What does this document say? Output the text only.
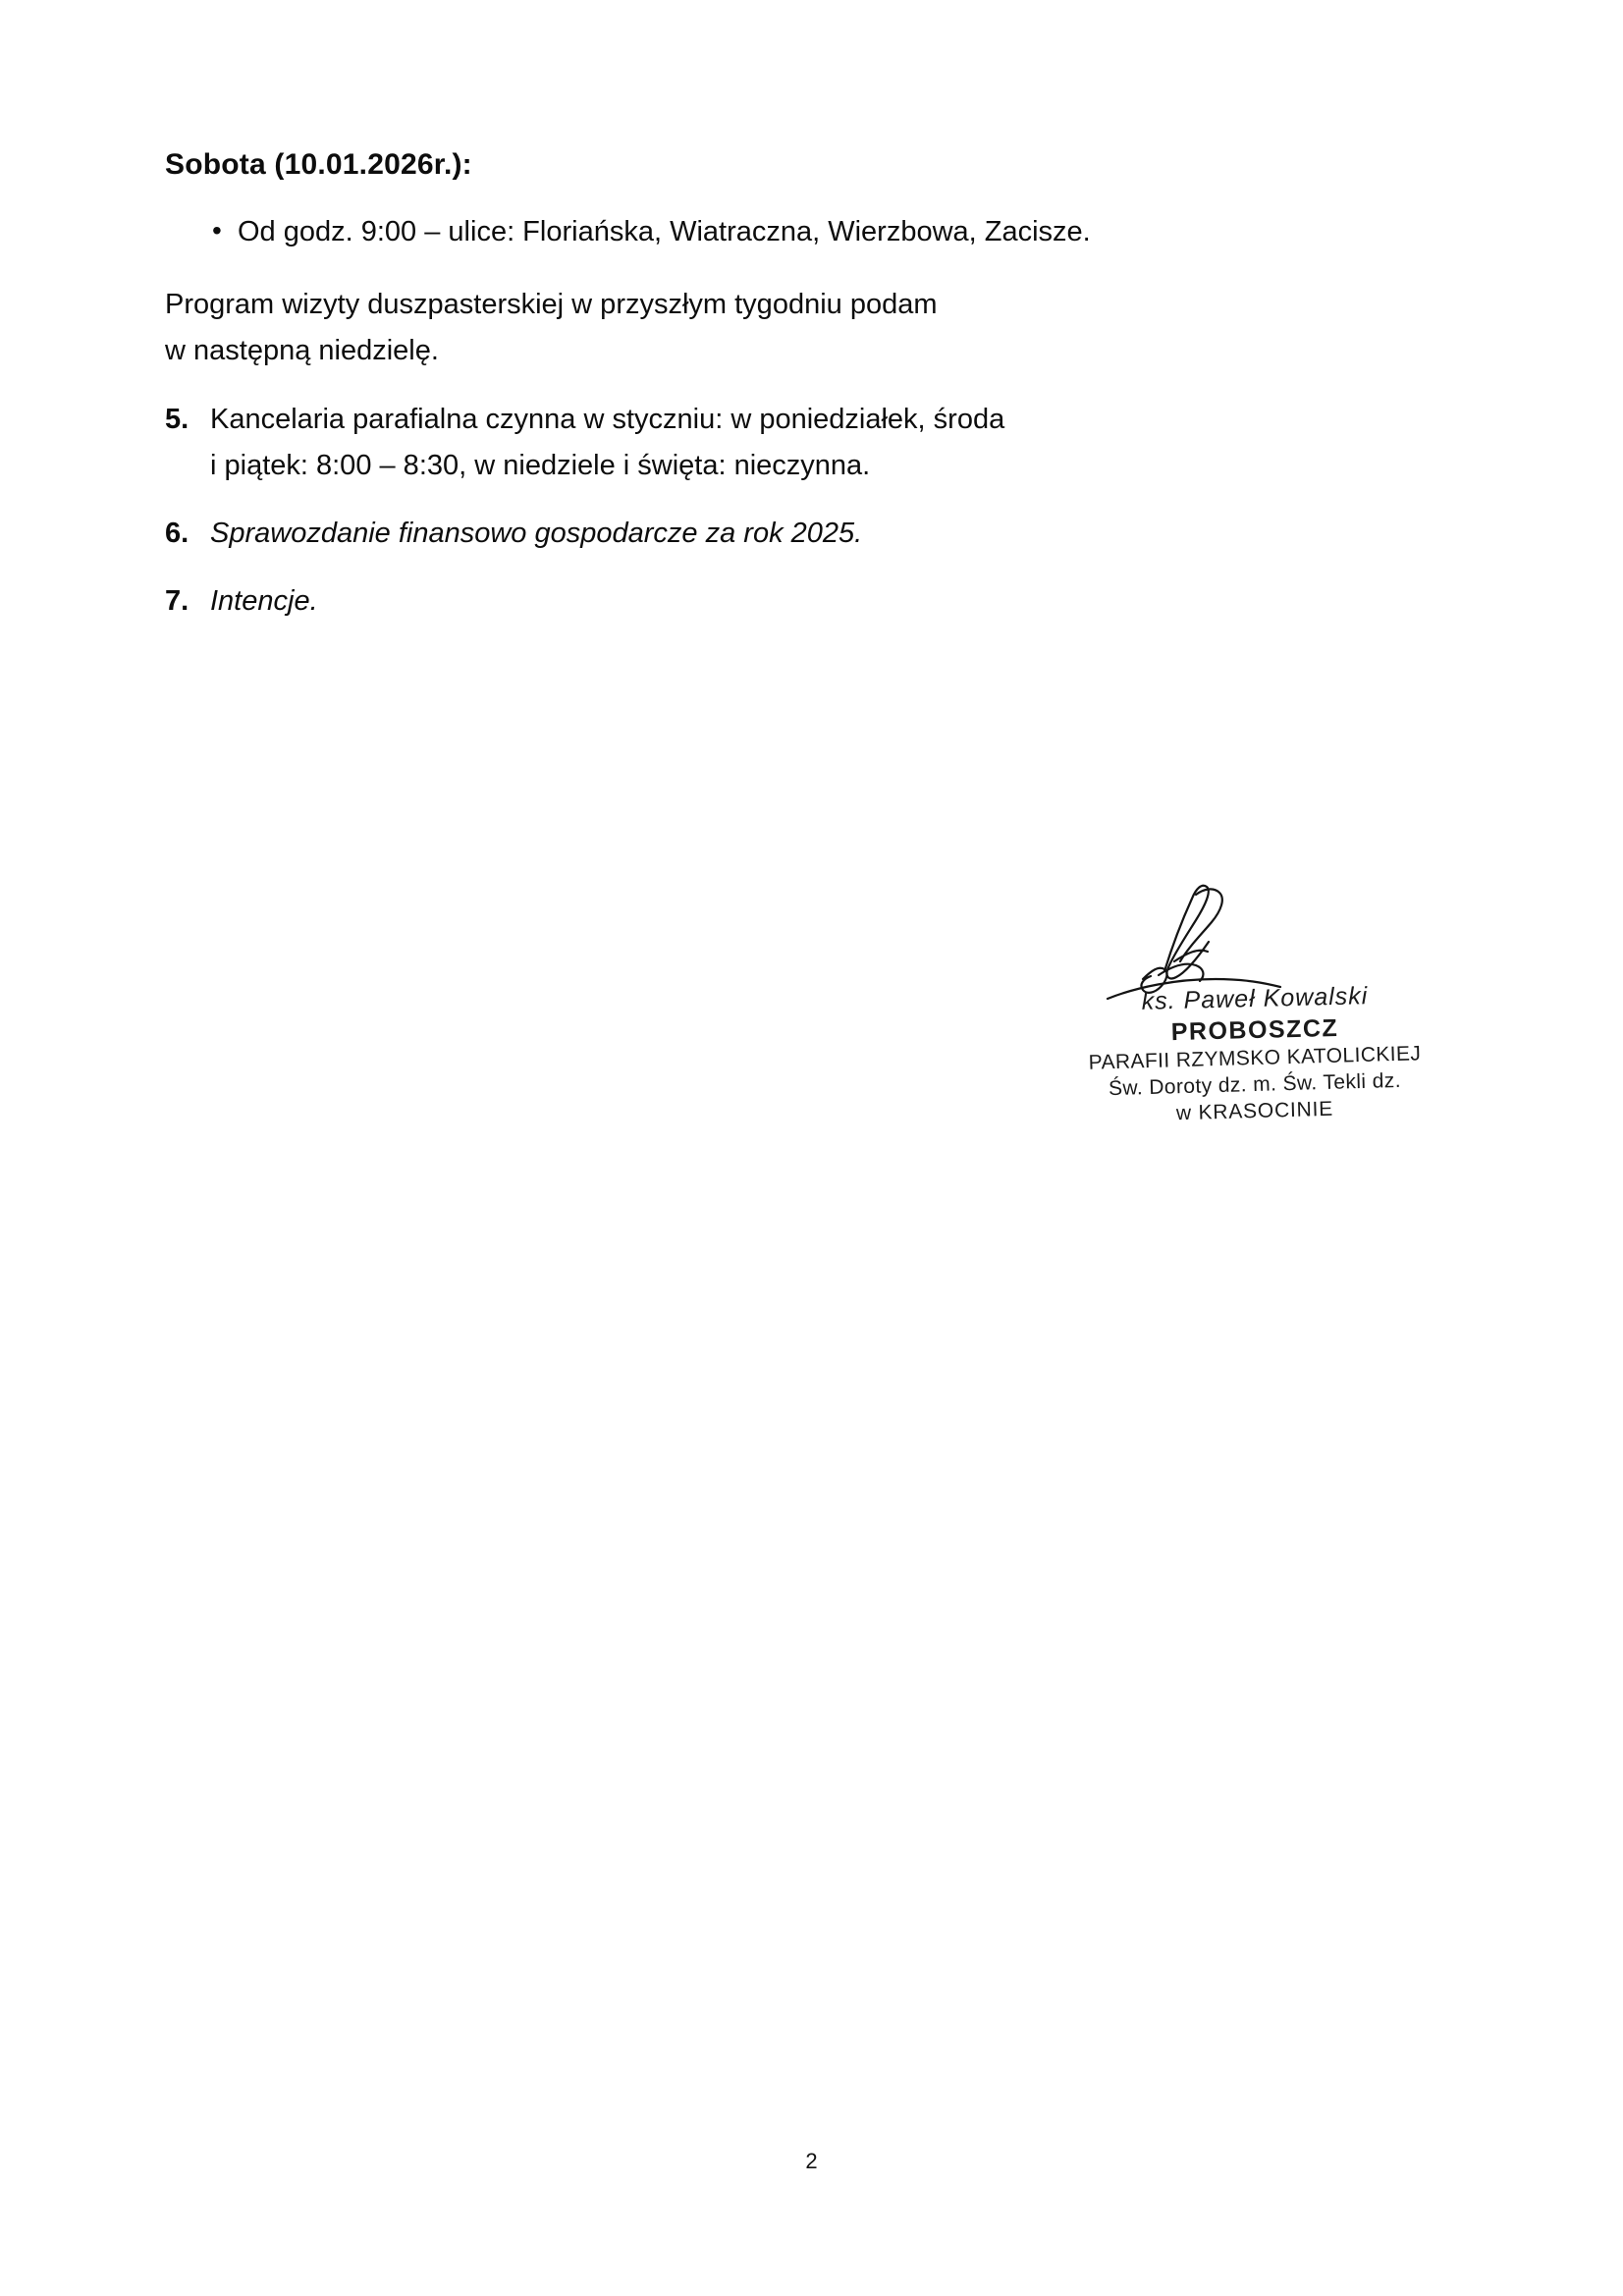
Sobota (10.01.2026r.):
• Od godz. 9:00 – ulice: Floriańska, Wiatraczna, Wierzbowa, Zacisze.
Program wizyty duszpasterskiej w przyszłym tygodniu podam
w następną niedzielę.
5. Kancelaria parafialna czynna w styczniu: w poniedziałek, środa
i piątek: 8:00 – 8:30, w niedziele i święta: nieczynna.
6. Sprawozdanie finansowo gospodarcze za rok 2025.
7. Intencje.
ks. Paweł Kowalski
PROBOSZCZ
PARAFII RZYMSKO KATOLICKIEJ
Św. Doroty dz. m. Św. Tekli dz.
w KRASOCINIE
2
